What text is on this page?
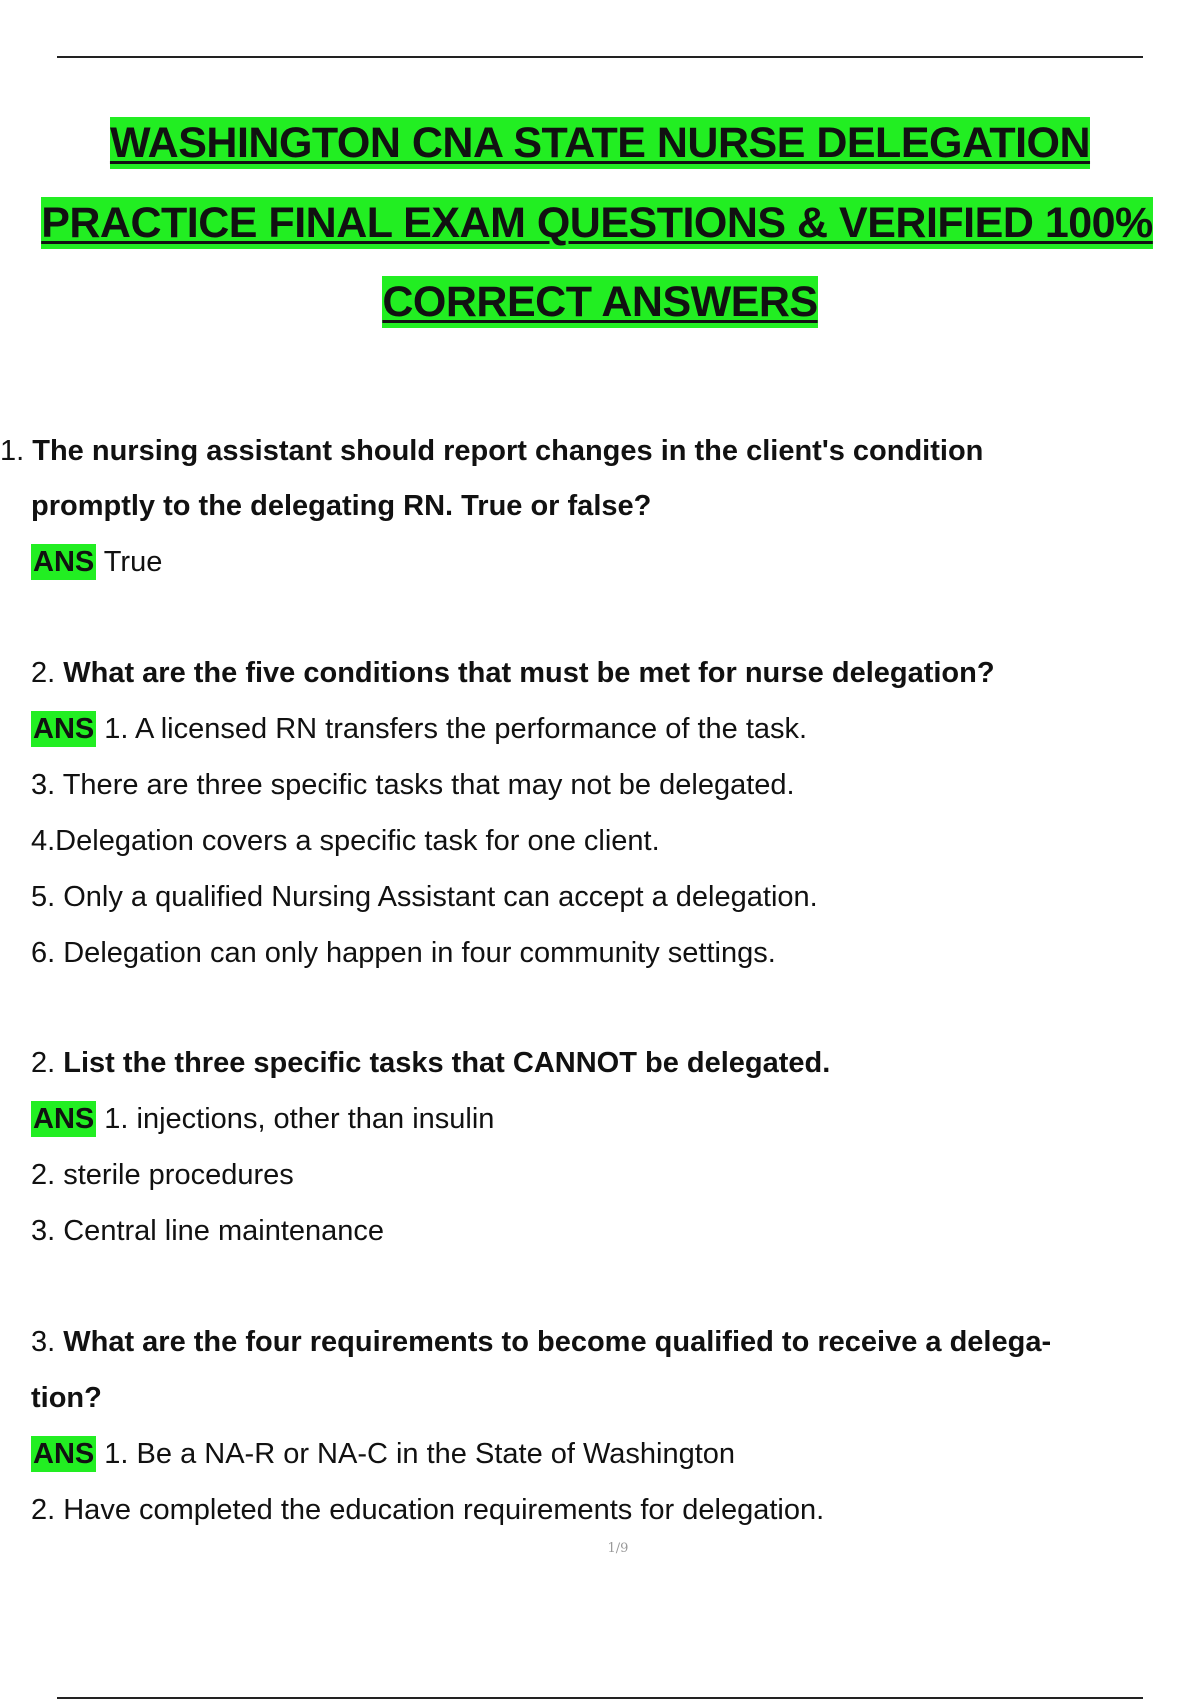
WASHINGTON CNA STATE NURSE DELEGATION
PRACTICE FINAL EXAM QUESTIONS & VERIFIED 100%
CORRECT ANSWERS
1. The nursing assistant should report changes in the client's condition
promptly to the delegating RN. True or false?
ANS True
2. What are the five conditions that must be met for nurse delegation?
ANS 1. A licensed RN transfers the performance of the task.
3. There are three specific tasks that may not be delegated.
4.Delegation covers a specific task for one client.
5. Only a qualified Nursing Assistant can accept a delegation.
6. Delegation can only happen in four community settings.
2. List the three specific tasks that CANNOT be delegated.
ANS 1. injections, other than insulin
2. sterile procedures
3. Central line maintenance
3. What are the four requirements to become qualified to receive a delega-
tion?
ANS 1. Be a NA-R or NA-C in the State of Washington
2. Have completed the education requirements for delegation.
1/9
